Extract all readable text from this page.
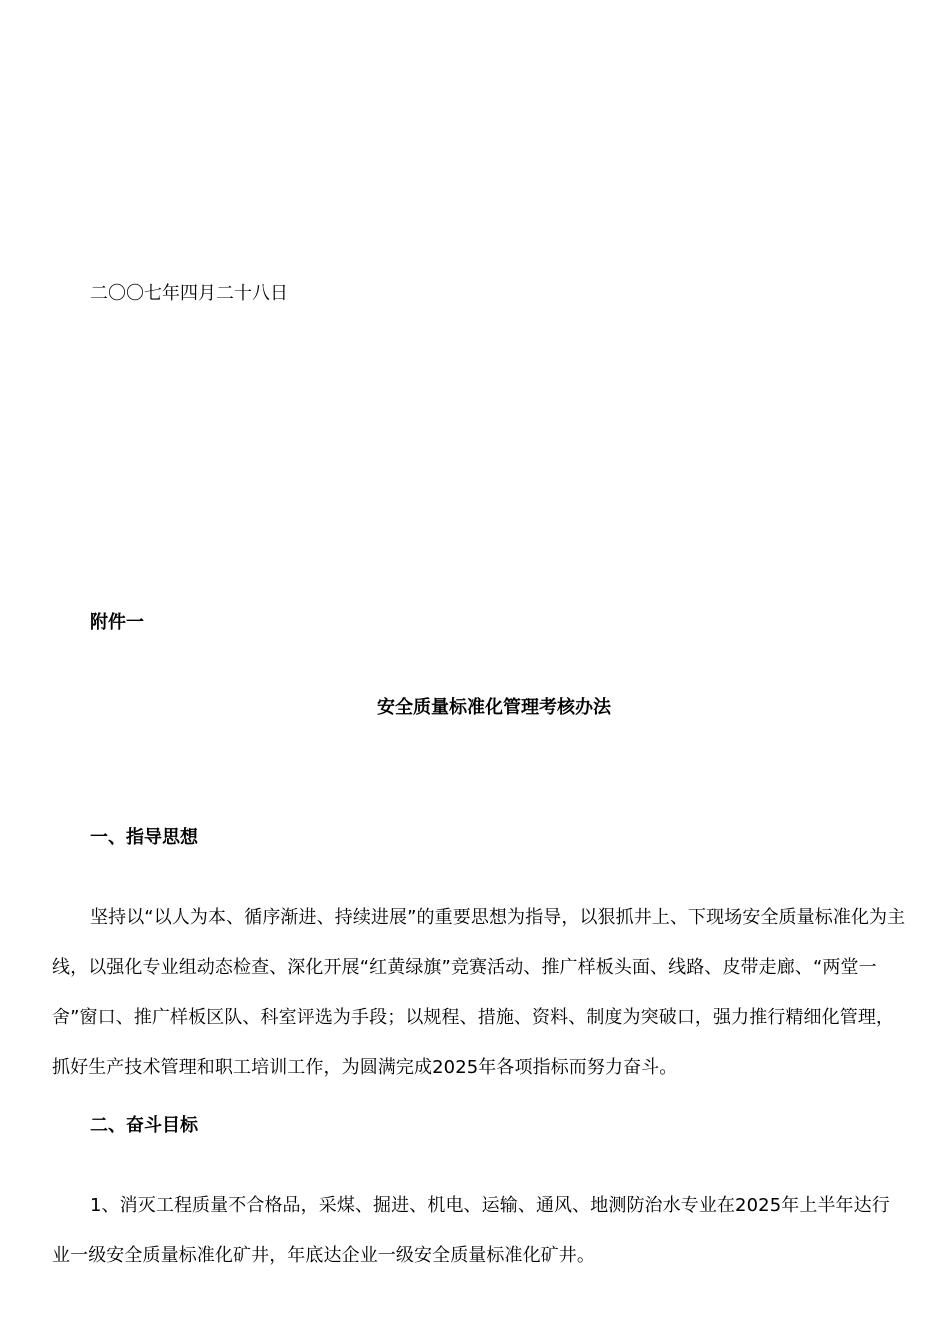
二〇〇七年四月二十八日
附件一
安全质量标准化管理考核办法
一、指导思想
坚持以“以人为本、循序渐进、持续进展”的重要思想为指导，以狠抓井上、下现场安全质量标准化为主线，以强化专业组动态检查、深化开展“红黄绿旗”竞赛活动、推广样板头面、线路、皮带走廊、“两堂一舍”窗口、推广样板区队、科室评选为手段；以规程、措施、资料、制度为突破口，强力推行精细化管理，抓好生产技术管理和职工培训工作，为圆满完成2025年各项指标而努力奋斗。
二、奋斗目标
1、消灭工程质量不合格品，采煤、掘进、机电、运输、通风、地测防治水专业在2025年上半年达行业一级安全质量标准化矿井，年底达企业一级安全质量标准化矿井。
